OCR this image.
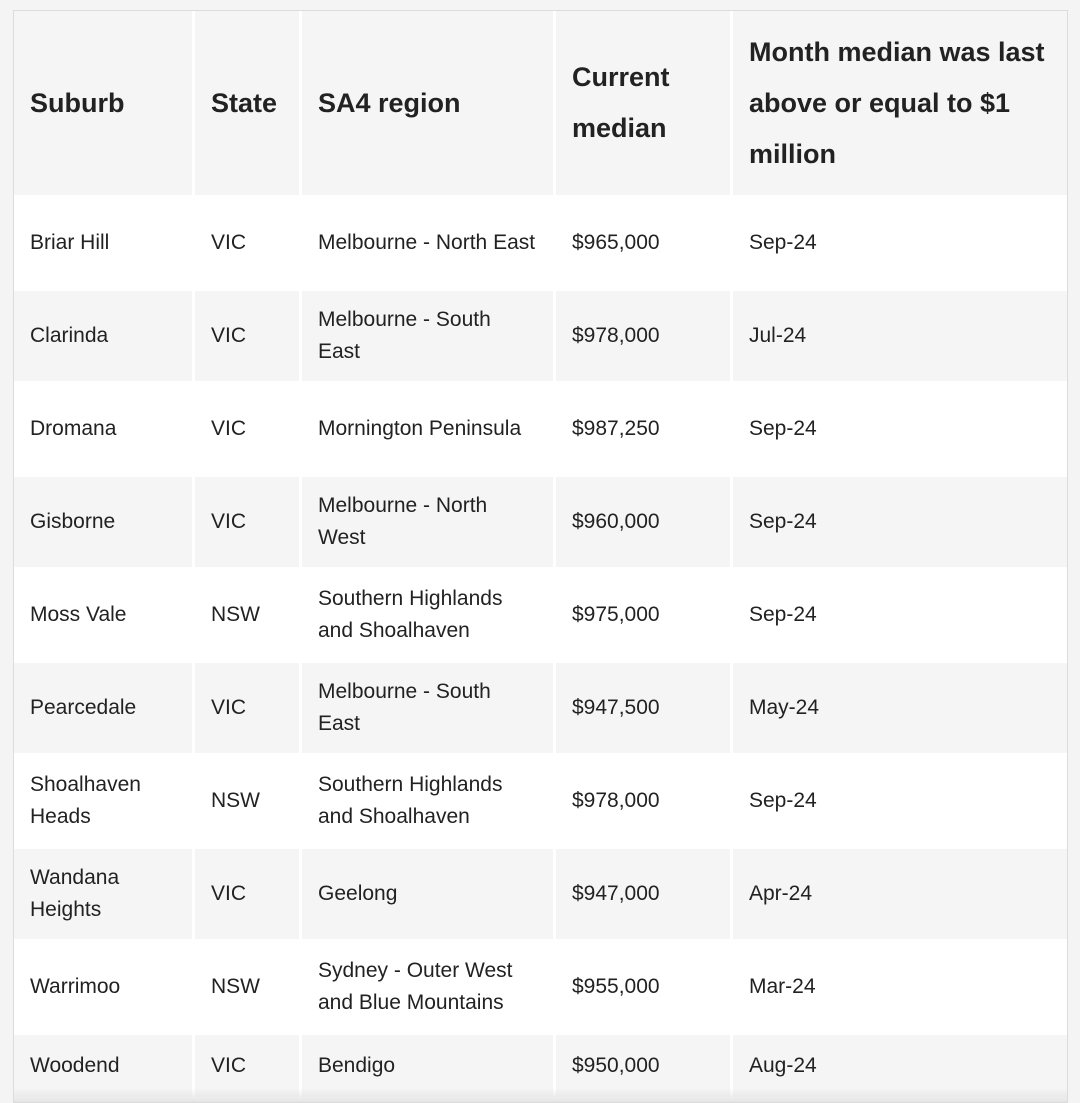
Suburb	State	SA4 region	Current median	Month median was last above or equal to $1 million
Briar Hill	VIC	Melbourne - North East	$965,000	Sep-24
Clarinda	VIC	Melbourne - South East	$978,000	Jul-24
Dromana	VIC	Mornington Peninsula	$987,250	Sep-24
Gisborne	VIC	Melbourne - North West	$960,000	Sep-24
Moss Vale	NSW	Southern Highlands and Shoalhaven	$975,000	Sep-24
Pearcedale	VIC	Melbourne - South East	$947,500	May-24
Shoalhaven Heads	NSW	Southern Highlands and Shoalhaven	$978,000	Sep-24
Wandana Heights	VIC	Geelong	$947,000	Apr-24
Warrimoo	NSW	Sydney - Outer West and Blue Mountains	$955,000	Mar-24
Woodend	VIC	Bendigo	$950,000	Aug-24
